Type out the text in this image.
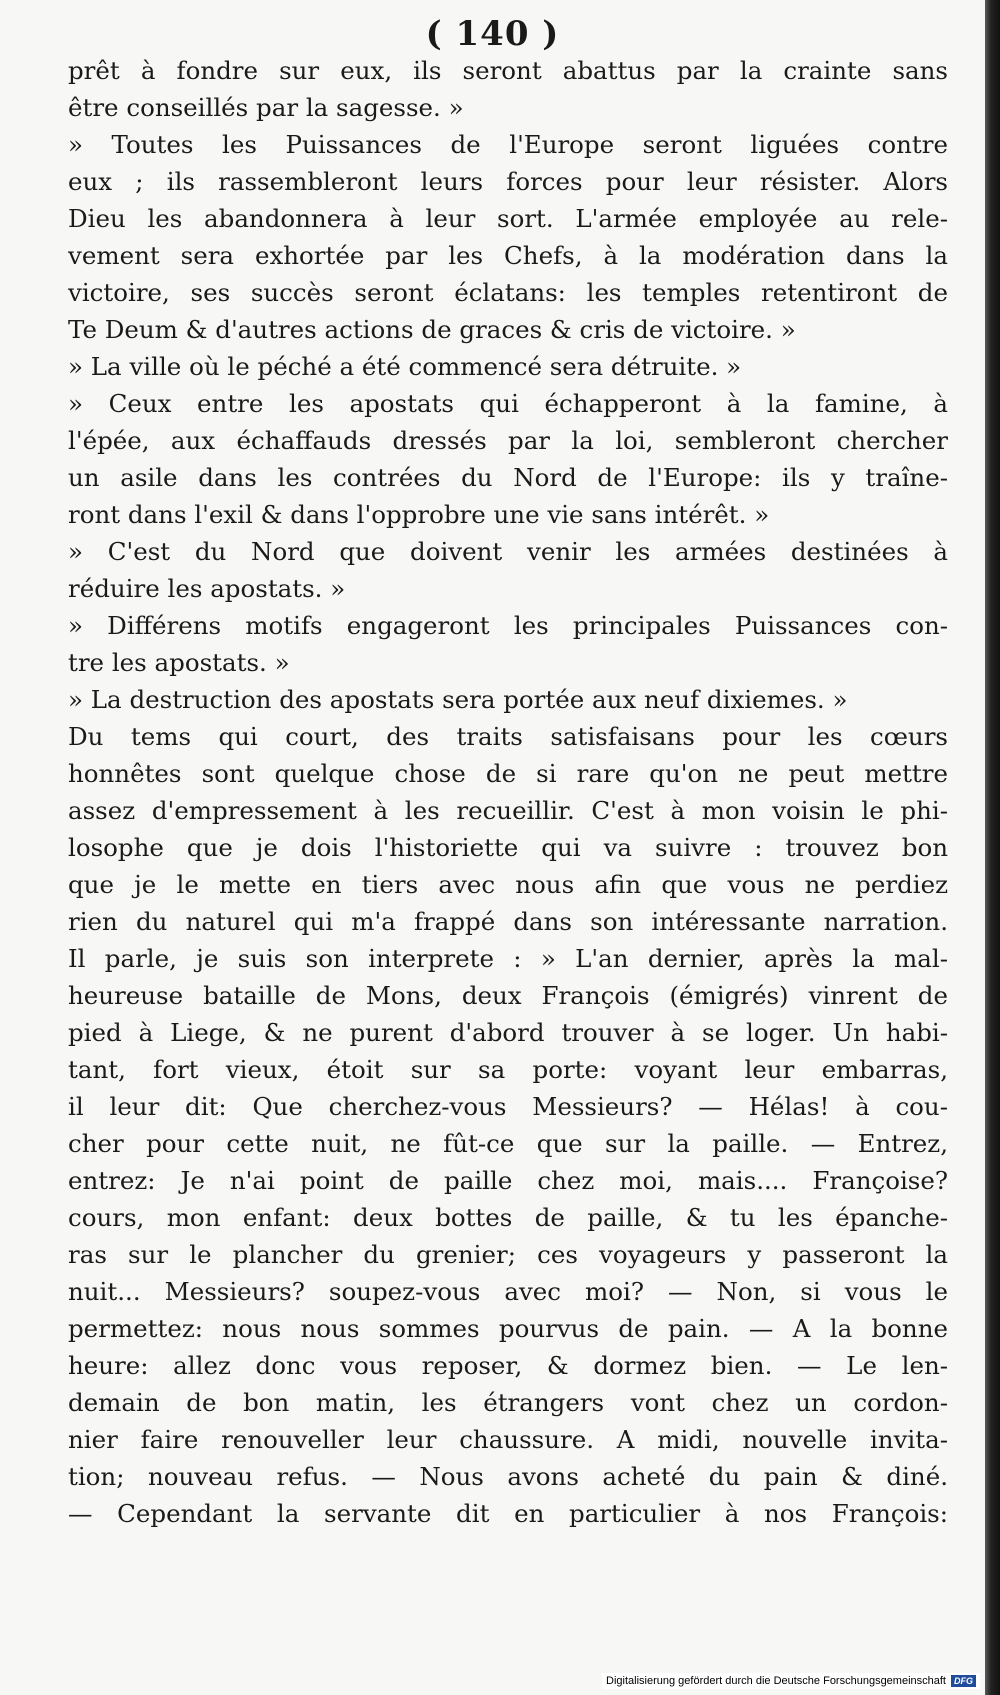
( 140 )
prêt à fondre sur eux, ils seront abattus par la crainte sans
être conseillés par la sagesse. »
» Toutes les Puissances de l'Europe seront liguées contre
eux ; ils rassembleront leurs forces pour leur résister. Alors
Dieu les abandonnera à leur sort. L'armée employée au rele-
vement sera exhortée par les Chefs, à la modération dans la
victoire, ses succès seront éclatans: les temples retentiront de
Te Deum & d'autres actions de graces & cris de victoire. »
» La ville où le péché a été commencé sera détruite. »
» Ceux entre les apostats qui échapperont à la famine, à
l'épée, aux échaffauds dressés par la loi, sembleront chercher
un asile dans les contrées du Nord de l'Europe: ils y traîne-
ront dans l'exil & dans l'opprobre une vie sans intérêt. »
» C'est du Nord que doivent venir les armées destinées à
réduire les apostats. »
» Différens motifs engageront les principales Puissances con-
tre les apostats. »
» La destruction des apostats sera portée aux neuf dixiemes. »
Du tems qui court, des traits satisfaisans pour les cœurs
honnêtes sont quelque chose de si rare qu'on ne peut mettre
assez d'empressement à les recueillir. C'est à mon voisin le phi-
losophe que je dois l'historiette qui va suivre : trouvez bon
que je le mette en tiers avec nous afin que vous ne perdiez
rien du naturel qui m'a frappé dans son intéressante narration.
Il parle, je suis son interprete : » L'an dernier, après la mal-
heureuse bataille de Mons, deux François (émigrés) vinrent de
pied à Liege, & ne purent d'abord trouver à se loger. Un habi-
tant, fort vieux, étoit sur sa porte: voyant leur embarras,
il leur dit: Que cherchez-vous Messieurs? — Hélas! à cou-
cher pour cette nuit, ne fût-ce que sur la paille. — Entrez,
entrez: Je n'ai point de paille chez moi, mais.... Françoise?
cours, mon enfant: deux bottes de paille, & tu les épanche-
ras sur le plancher du grenier; ces voyageurs y passeront la
nuit... Messieurs? soupez-vous avec moi? — Non, si vous le
permettez: nous nous sommes pourvus de pain. — A la bonne
heure: allez donc vous reposer, & dormez bien. — Le len-
demain de bon matin, les étrangers vont chez un cordon-
nier faire renouveller leur chaussure. A midi, nouvelle invita-
tion; nouveau refus. — Nous avons acheté du pain & diné.
— Cependant la servante dit en particulier à nos François:
Digitalisierung gefördert durch die Deutsche Forschungsgemeinschaft DFG
